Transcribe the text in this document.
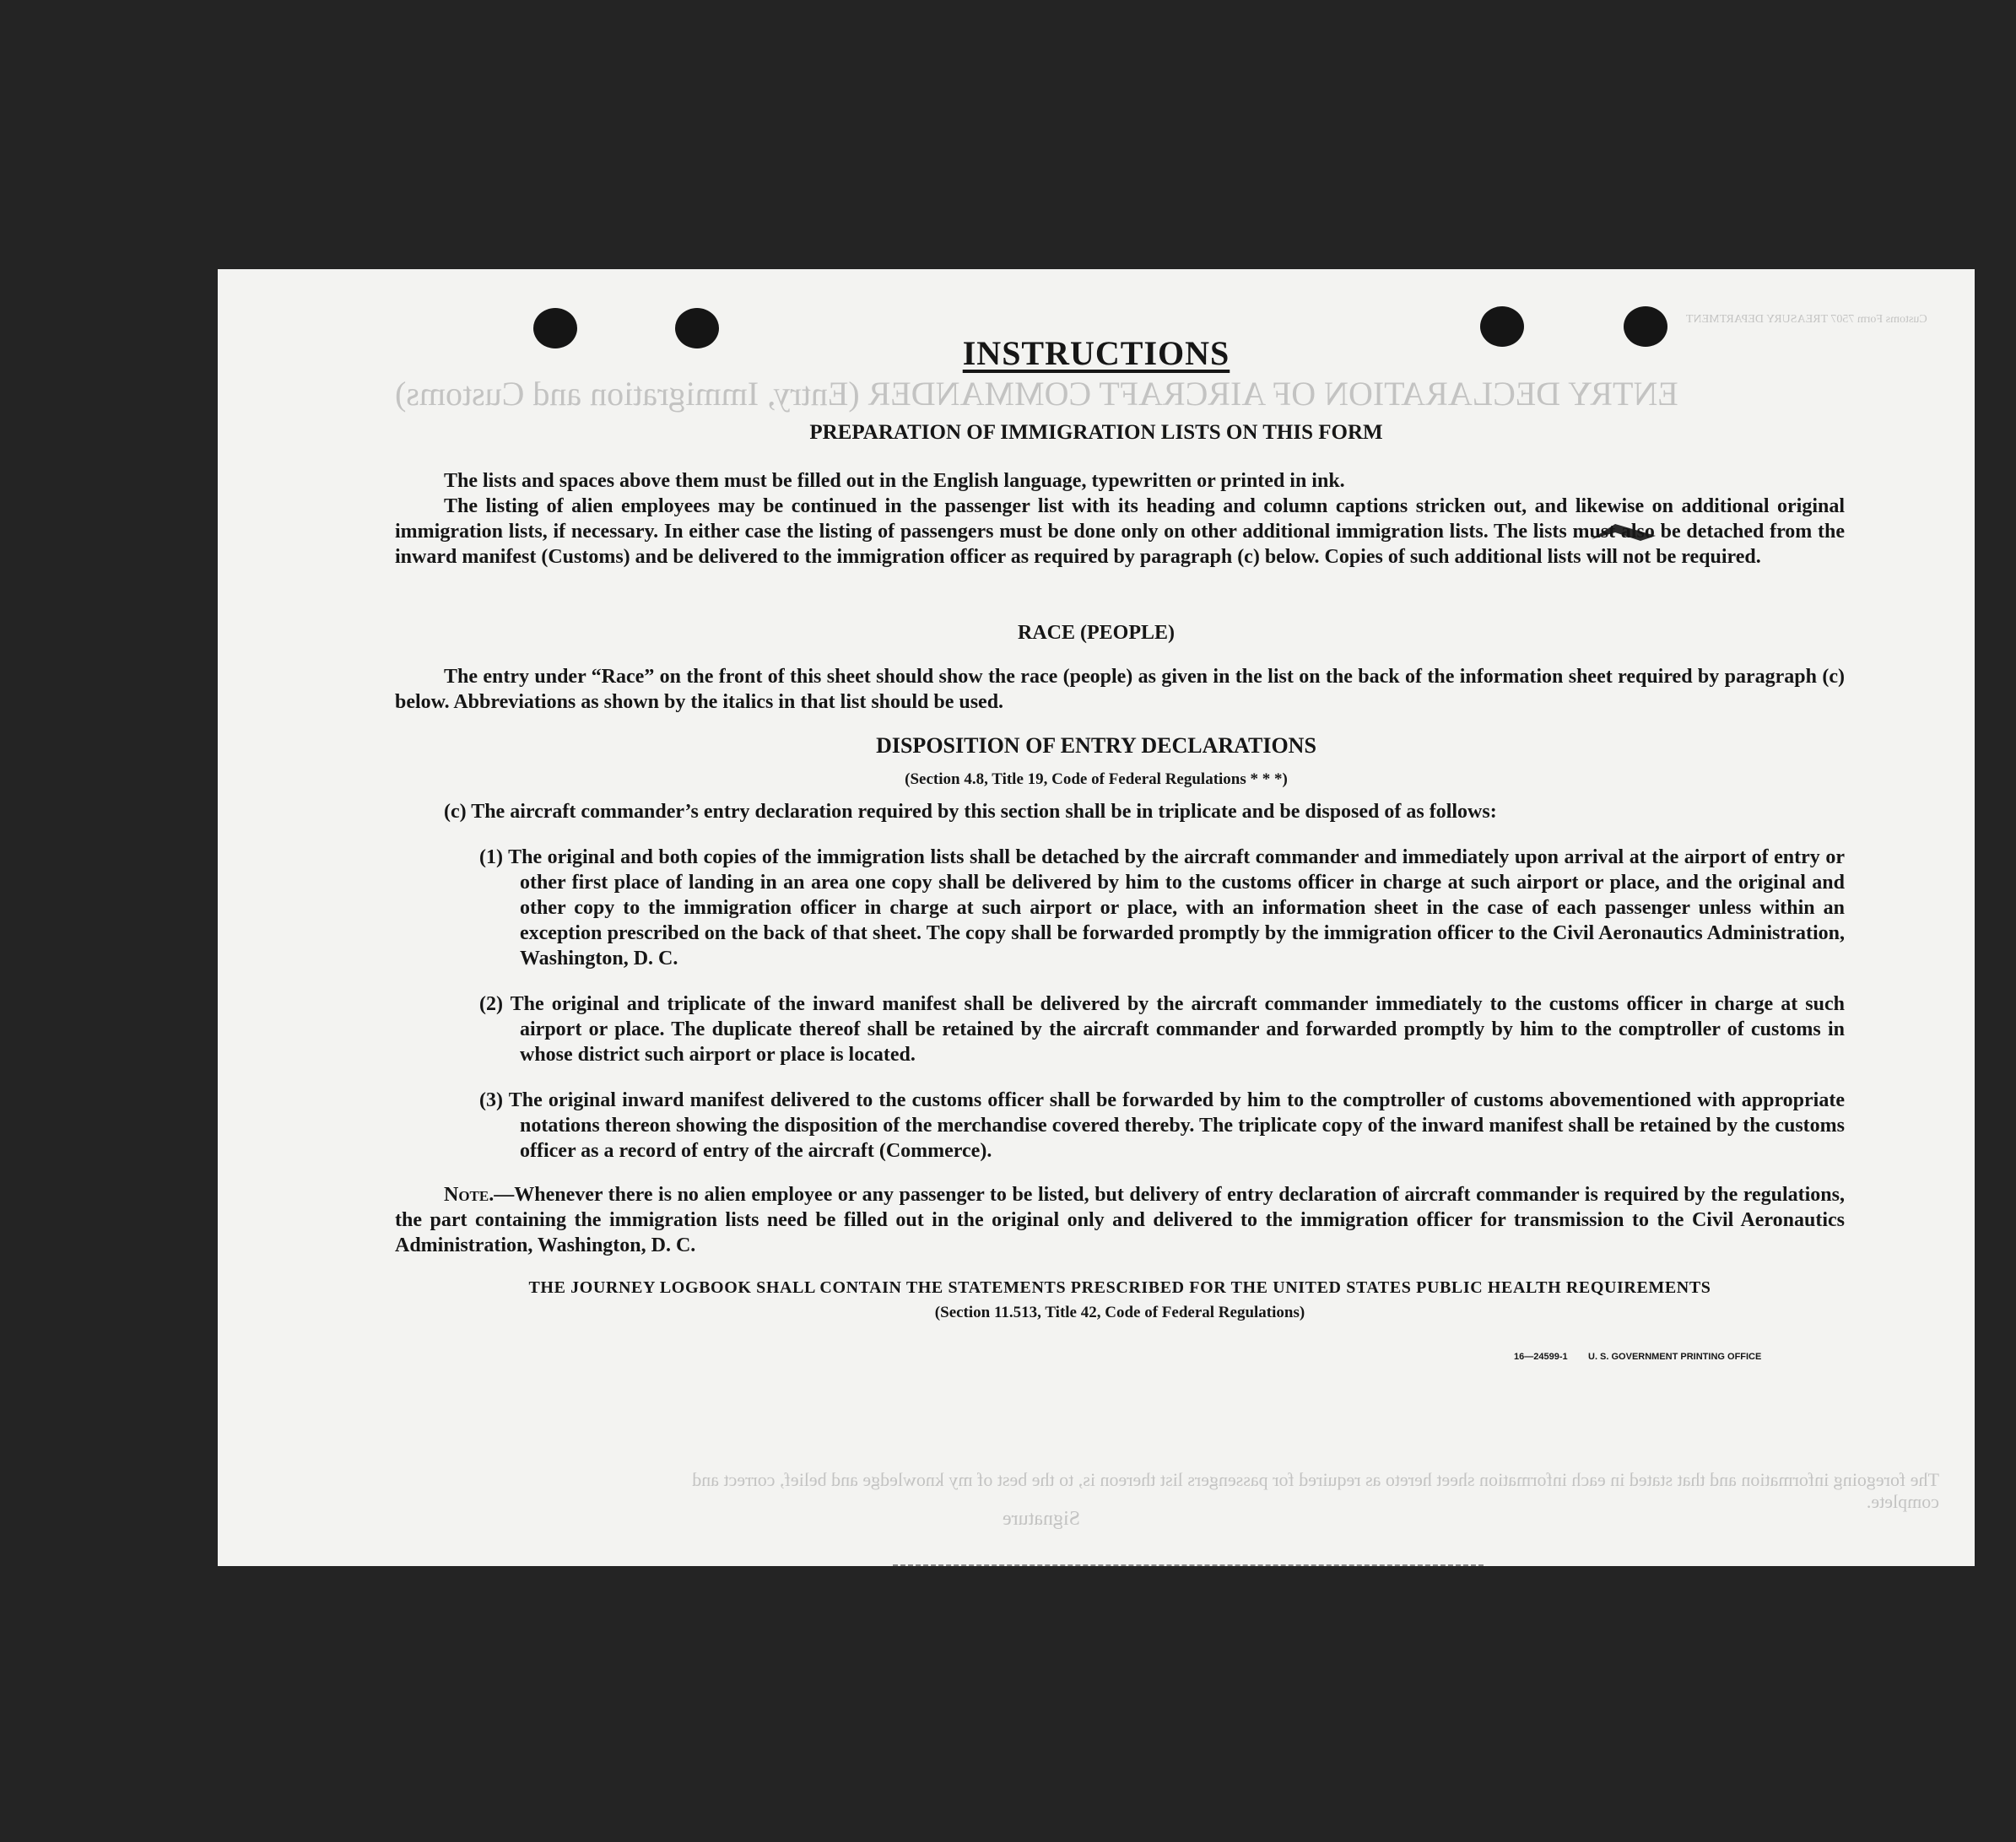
ENTRY DECLARATION OF AIRCRAFT COMMANDER (Entry, Immigration and Customs)
Customs Form 7507 TREASURY DEPARTMENT
The foregoing information and that stated in each information sheet hereto as required for passengers list thereon is, to the best of my knowledge and belief, correct and complete.
Signature
INSTRUCTIONS
PREPARATION OF IMMIGRATION LISTS ON THIS FORM
The lists and spaces above them must be filled out in the English language, typewritten or printed in ink.
The listing of alien employees may be continued in the passenger list with its heading and column captions stricken out, and likewise on additional original immigration lists, if necessary. In either case the listing of passengers must be done only on other additional immigration lists. The lists must also be detached from the inward manifest (Customs) and be delivered to the immigration officer as required by paragraph (c) below. Copies of such additional lists will not be required.
RACE (PEOPLE)
The entry under “Race” on the front of this sheet should show the race (people) as given in the list on the back of the information sheet required by paragraph (c) below. Abbreviations as shown by the italics in that list should be used.
DISPOSITION OF ENTRY DECLARATIONS
(Section 4.8, Title 19, Code of Federal Regulations * * *)
(c) The aircraft commander’s entry declaration required by this section shall be in triplicate and be disposed of as follows:
(1) The original and both copies of the immigration lists shall be detached by the aircraft commander and immediately upon arrival at the airport of entry or other first place of landing in an area one copy shall be delivered by him to the customs officer in charge at such airport or place, and the original and other copy to the immigration officer in charge at such airport or place, with an information sheet in the case of each passenger unless within an exception prescribed on the back of that sheet. The copy shall be forwarded promptly by the immigration officer to the Civil Aeronautics Administration, Washington, D. C.
(2) The original and triplicate of the inward manifest shall be delivered by the aircraft commander immediately to the customs officer in charge at such airport or place. The duplicate thereof shall be retained by the aircraft commander and forwarded promptly by him to the comptroller of customs in whose district such airport or place is located.
(3) The original inward manifest delivered to the customs officer shall be forwarded by him to the comptroller of customs abovementioned with appropriate notations thereon showing the disposition of the merchandise covered thereby. The triplicate copy of the inward manifest shall be retained by the customs officer as a record of entry of the aircraft (Commerce).
Note.—Whenever there is no alien employee or any passenger to be listed, but delivery of entry declaration of aircraft commander is required by the regulations, the part containing the immigration lists need be filled out in the original only and delivered to the immigration officer for transmission to the Civil Aeronautics Administration, Washington, D. C.
THE JOURNEY LOGBOOK SHALL CONTAIN THE STATEMENTS PRESCRIBED FOR THE UNITED STATES PUBLIC HEALTH REQUIREMENTS
(Section 11.513, Title 42, Code of Federal Regulations)
16—24599-1 U. S. GOVERNMENT PRINTING OFFICE
